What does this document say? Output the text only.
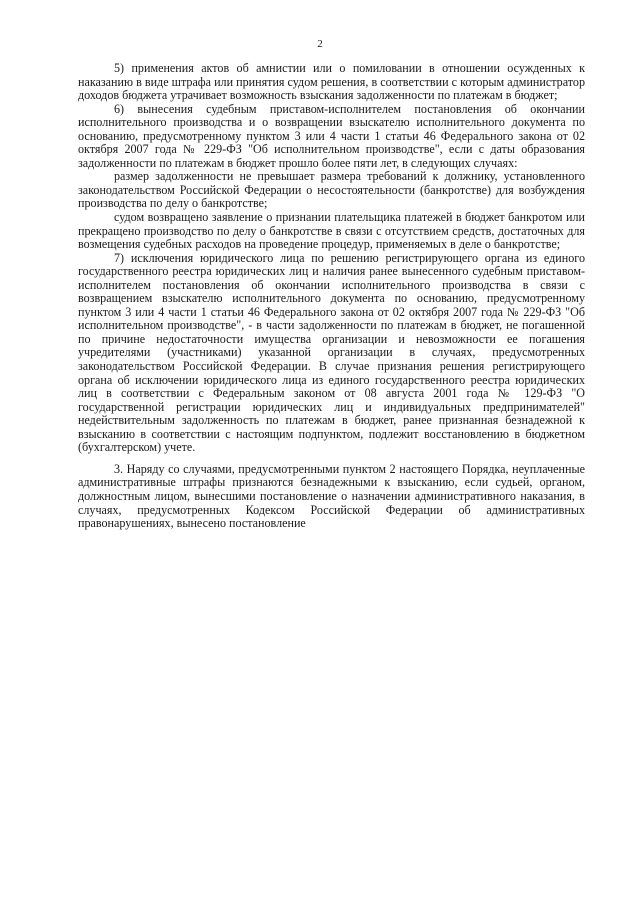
2

5) применения актов об амнистии или о помиловании в отношении осужденных к наказанию в виде штрафа или принятия судом решения, в соответствии с которым администратор доходов бюджета утрачивает возможность взыскания задолженности по платежам в бюджет;

6) вынесения судебным приставом-исполнителем постановления об окончании исполнительного производства и о возвращении взыскателю исполнительного документа по основанию, предусмотренному пунктом 3 или 4 части 1 статьи 46 Федерального закона от 02 октября 2007 года № 229-ФЗ "Об исполнительном производстве", если с даты образования задолженности по платежам в бюджет прошло более пяти лет, в следующих случаях:

размер задолженности не превышает размера требований к должнику, установленного законодательством Российской Федерации о несостоятельности (банкротстве) для возбуждения производства по делу о банкротстве;

судом возвращено заявление о признании плательщика платежей в бюджет банкротом или прекращено производство по делу о банкротстве в связи с отсутствием средств, достаточных для возмещения судебных расходов на проведение процедур, применяемых в деле о банкротстве;

7) исключения юридического лица по решению регистрирующего органа из единого государственного реестра юридических лиц и наличия ранее вынесенного судебным приставом-исполнителем постановления об окончании исполнительного производства в связи с возвращением взыскателю исполнительного документа по основанию, предусмотренному пунктом 3 или 4 части 1 статьи 46 Федерального закона от 02 октября 2007 года № 229-ФЗ "Об исполнительном производстве", - в части задолженности по платежам в бюджет, не погашенной по причине недостаточности имущества организации и невозможности ее погашения учредителями (участниками) указанной организации в случаях, предусмотренных законодательством Российской Федерации. В случае признания решения регистрирующего органа об исключении юридического лица из единого государственного реестра юридических лиц в соответствии с Федеральным законом от 08 августа 2001 года № 129-ФЗ "О государственной регистрации юридических лиц и индивидуальных предпринимателей" недействительным задолженность по платежам в бюджет, ранее признанная безнадежной к взысканию в соответствии с настоящим подпунктом, подлежит восстановлению в бюджетном (бухгалтерском) учете.

3. Наряду со случаями, предусмотренными пунктом 2 настоящего Порядка, неуплаченные административные штрафы признаются безнадежными к взысканию, если судьей, органом, должностным лицом, вынесшими постановление о назначении административного наказания, в случаях, предусмотренных Кодексом Российской Федерации об административных правонарушениях, вынесено постановление
